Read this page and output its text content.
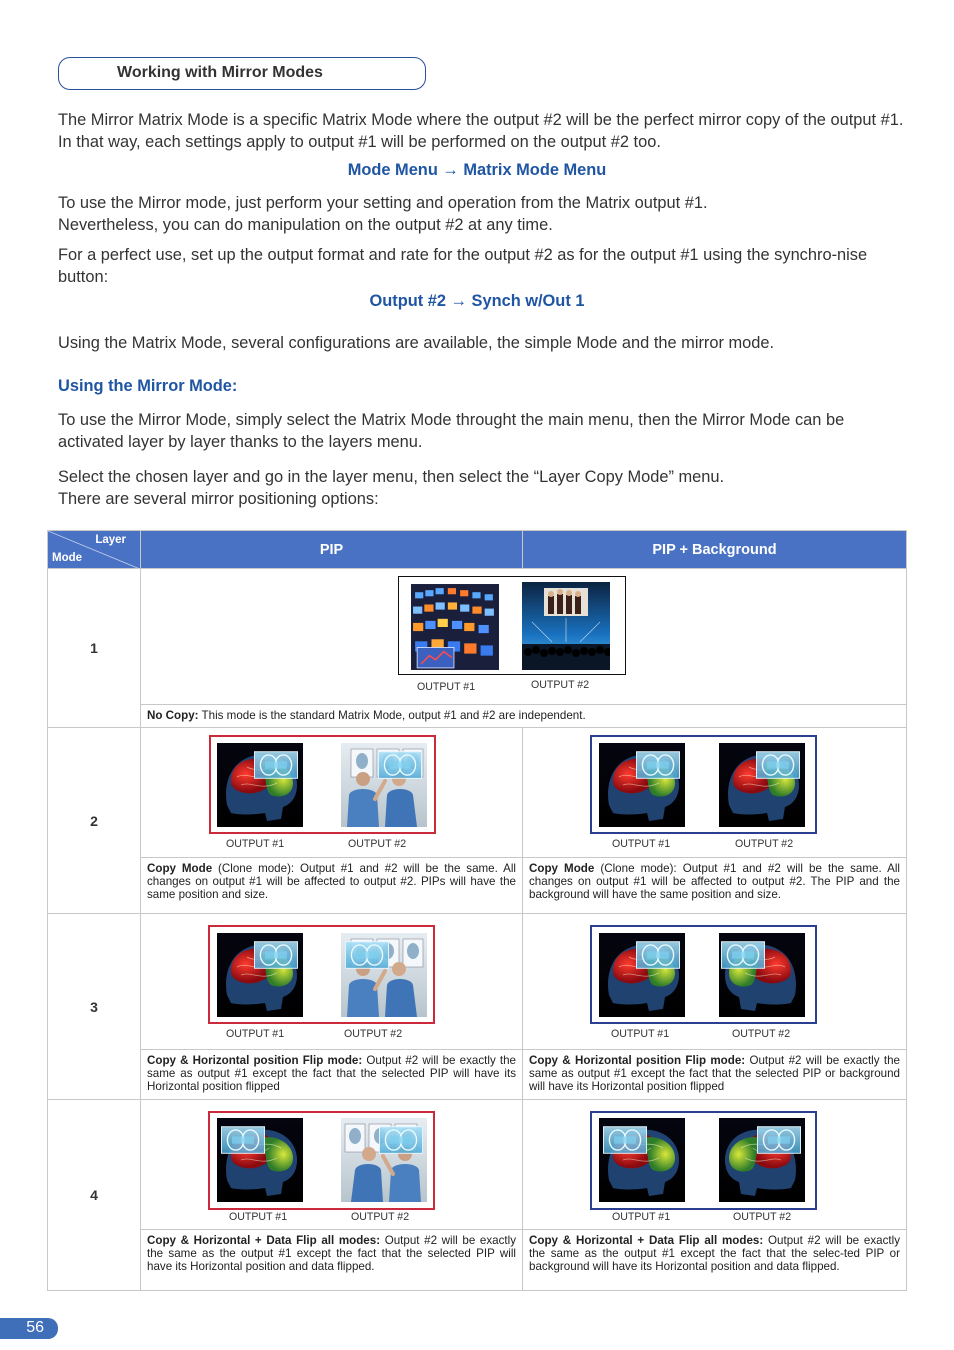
Working with Mirror Modes
The Mirror Matrix Mode is a specific Matrix Mode where the output #2 will be the perfect mirror copy of the output #1. In that way, each settings apply to output #1 will be performed on the output #2 too.
Mode Menu → Matrix Mode Menu
To use the Mirror mode, just perform your setting and operation from the Matrix output #1.
Nevertheless, you can do manipulation on the output #2 at any time.
For a perfect use, set up the output format and rate for the output #2 as for the output #1 using the synchro-nise button:
Output #2 → Synch w/Out 1
Using the Matrix Mode, several configurations are available, the simple Mode and the mirror mode.
Using the Mirror Mode:
To use the Mirror Mode, simply select the Matrix Mode throught the main menu, then the Mirror Mode can be activated layer by layer thanks to the layers menu.
Select the chosen layer and go in the layer menu, then select the “Layer Copy Mode” menu.
There are several mirror positioning options:
Layer
Mode	PIP	PIP + Background
1	OUTPUT #1 OUTPUT #2	

	No Copy: This mode is the standard Matrix Mode, output #1 and #2 are independent.	
2	OUTPUT #1 OUTPUT #2	OUTPUT #1 OUTPUT #2

	Copy Mode (Clone mode): Output #1 and #2 will be the same. All changes on output #1 will be affected to output #2. PIPs will have the same position and size.	Copy Mode (Clone mode): Output #1 and #2 will be the same. All changes on output #1 will be affected to output #2. The PIP and the background will have the same position and size.
3	OUTPUT #1 OUTPUT #2	OUTPUT #1 OUTPUT #2

	Copy & Horizontal position Flip mode: Output #2 will be exactly the same as output #1 except the fact that the selected PIP will have its Horizontal position flipped	Copy & Horizontal position Flip mode: Output #2 will be exactly the same as output #1 except the fact that the selected PIP or background will have its Horizontal position flipped
4	OUTPUT #1 OUTPUT #2	OUTPUT #1 OUTPUT #2

	Copy & Horizontal + Data Flip all modes: Output #2 will be exactly the same as the output #1 except the fact that the selected PIP will have its Horizontal position and data flipped.	Copy & Horizontal + Data Flip all modes: Output #2 will be exactly the same as the output #1 except the fact that the selec-ted PIP or background will have its Horizontal position and data flipped.
56
